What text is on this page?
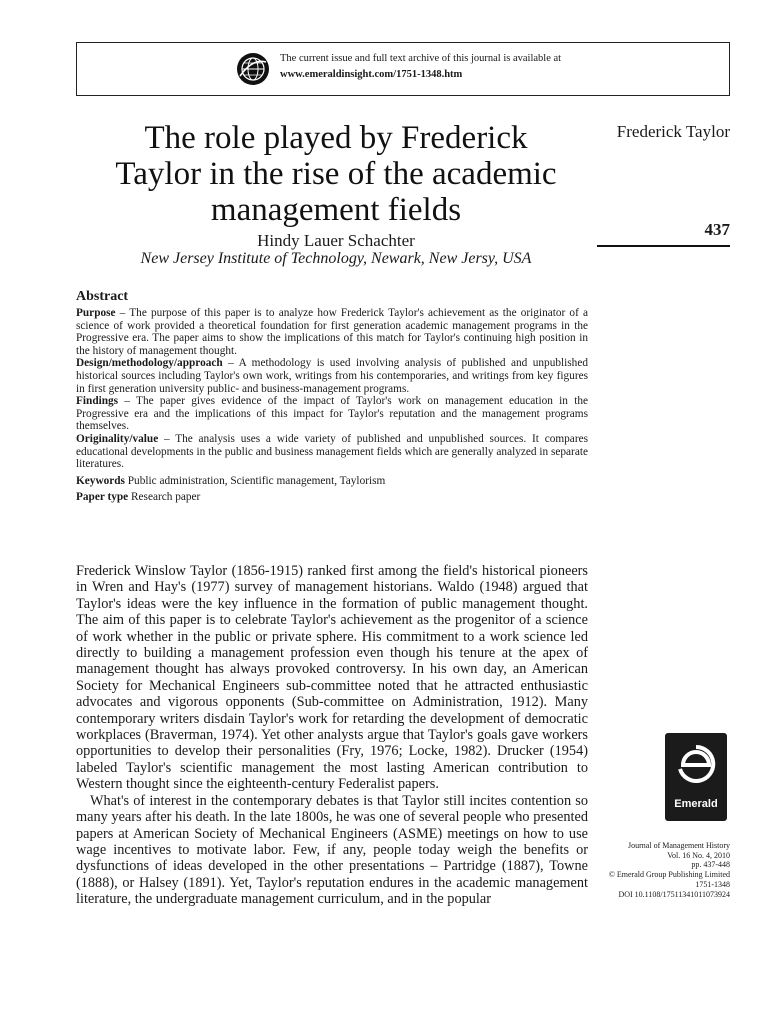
The current issue and full text archive of this journal is available at
www.emeraldinsight.com/1751-1348.htm
The role played by Frederick
Taylor in the rise of the academic
management fields
Hindy Lauer Schachter
New Jersey Institute of Technology, Newark, New Jersy, USA
Frederick Taylor
437
Abstract

Purpose – The purpose of this paper is to analyze how Frederick Taylor's achievement as the originator of a science of work provided a theoretical foundation for first generation academic management programs in the Progressive era. The paper aims to show the implications of this match for Taylor's continuing high position in the history of management thought.

Design/methodology/approach – A methodology is used involving analysis of published and unpublished historical sources including Taylor's own work, writings from his contemporaries, and writings from key figures in first generation university public- and business-management programs.

Findings – The paper gives evidence of the impact of Taylor's work on management education in the Progressive era and the implications of this impact for Taylor's reputation and the management programs themselves.

Originality/value – The analysis uses a wide variety of published and unpublished sources. It compares educational developments in the public and business management fields which are generally analyzed in separate literatures.

Keywords Public administration, Scientific management, Taylorism

Paper type Research paper

Frederick Winslow Taylor (1856-1915) ranked first among the field's historical pioneers in Wren and Hay's (1977) survey of management historians. Waldo (1948) argued that Taylor's ideas were the key influence in the formation of public management thought. The aim of this paper is to celebrate Taylor's achievement as the progenitor of a science of work whether in the public or private sphere. His commitment to a work science led directly to building a management profession even though his tenure at the apex of management thought has always provoked controversy. In his own day, an American Society for Mechanical Engineers sub-committee noted that he attracted enthusiastic advocates and vigorous opponents (Sub-committee on Administration, 1912). Many contemporary writers disdain Taylor's work for retarding the development of democratic workplaces (Braverman, 1974). Yet other analysts argue that Taylor's goals gave workers opportunities to develop their personalities (Fry, 1976; Locke, 1982). Drucker (1954) labeled Taylor's scientific management the most lasting American contribution to Western thought since the eighteenth-century Federalist papers.

What's of interest in the contemporary debates is that Taylor still incites contention so many years after his death. In the late 1800s, he was one of several people who presented papers at American Society of Mechanical Engineers (ASME) meetings on how to use wage incentives to motivate labor. Few, if any, people today weigh the benefits or dysfunctions of ideas developed in the other presentations – Partridge (1887), Towne (1888), or Halsey (1891). Yet, Taylor's reputation endures in the academic management literature, the undergraduate management curriculum, and in the popular

Emerald
Journal of Management History
Vol. 16 No. 4, 2010
pp. 437-448
© Emerald Group Publishing Limited
1751-1348
DOI 10.1108/17511341011073924
